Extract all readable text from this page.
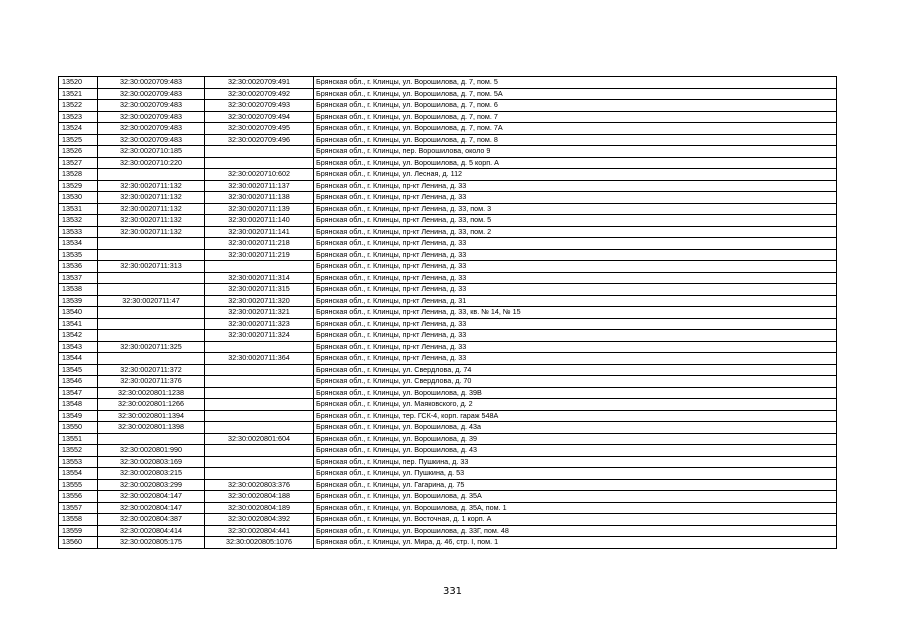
13520	32:30:0020709:483	32:30:0020709:491	Брянская обл., г. Клинцы, ул. Ворошилова, д. 7, пом. 5
13521	32:30:0020709:483	32:30:0020709:492	Брянская обл., г. Клинцы, ул. Ворошилова, д. 7, пом. 5А
13522	32:30:0020709:483	32:30:0020709:493	Брянская обл., г. Клинцы, ул. Ворошилова, д. 7, пом. 6
13523	32:30:0020709:483	32:30:0020709:494	Брянская обл., г. Клинцы, ул. Ворошилова, д. 7, пом. 7
13524	32:30:0020709:483	32:30:0020709:495	Брянская обл., г. Клинцы, ул. Ворошилова, д. 7, пом. 7А
13525	32:30:0020709:483	32:30:0020709:496	Брянская обл., г. Клинцы, ул. Ворошилова, д. 7, пом. 8
13526	32:30:0020710:185		Брянская обл., г. Клинцы, пер. Ворошилова, около 9
13527	32:30:0020710:220		Брянская обл., г. Клинцы, ул. Ворошилова, д. 5 корп. А
13528		32:30:0020710:602	Брянская обл., г. Клинцы, ул. Лесная, д. 112
13529	32:30:0020711:132	32:30:0020711:137	Брянская обл., г. Клинцы, пр-кт Ленина, д. 33
13530	32:30:0020711:132	32:30:0020711:138	Брянская обл., г. Клинцы, пр-кт Ленина, д. 33
13531	32:30:0020711:132	32:30:0020711:139	Брянская обл., г. Клинцы, пр-кт Ленина, д. 33, пом. 3
13532	32:30:0020711:132	32:30:0020711:140	Брянская обл., г. Клинцы, пр-кт Ленина, д. 33, пом. 5
13533	32:30:0020711:132	32:30:0020711:141	Брянская обл., г. Клинцы, пр-кт Ленина, д. 33, пом. 2
13534		32:30:0020711:218	Брянская обл., г. Клинцы, пр-кт Ленина, д. 33
13535		32:30:0020711:219	Брянская обл., г. Клинцы, пр-кт Ленина, д. 33
13536	32:30:0020711:313		Брянская обл., г. Клинцы, пр-кт Ленина, д. 33
13537		32:30:0020711:314	Брянская обл., г. Клинцы, пр-кт Ленина, д. 33
13538		32:30:0020711:315	Брянская обл., г. Клинцы, пр-кт Ленина, д. 33
13539	32:30:0020711:47	32:30:0020711:320	Брянская обл., г. Клинцы, пр-кт Ленина, д. 31
13540		32:30:0020711:321	Брянская обл., г. Клинцы, пр-кт Ленина, д. 33, кв. № 14, № 15
13541		32:30:0020711:323	Брянская обл., г. Клинцы, пр-кт Ленина, д. 33
13542		32:30:0020711:324	Брянская обл., г. Клинцы, пр-кт Ленина, д. 33
13543	32:30:0020711:325		Брянская обл., г. Клинцы, пр-кт Ленина, д. 33
13544		32:30:0020711:364	Брянская обл., г. Клинцы, пр-кт Ленина, д. 33
13545	32:30:0020711:372		Брянская обл., г. Клинцы, ул. Свердлова, д. 74
13546	32:30:0020711:376		Брянская обл., г. Клинцы, ул. Свердлова, д. 70
13547	32:30:0020801:1238		Брянская обл., г. Клинцы, ул. Ворошилова, д. 39В
13548	32:30:0020801:1266		Брянская обл., г. Клинцы, ул. Маяковского, д. 2
13549	32:30:0020801:1394		Брянская обл., г. Клинцы, тер. ГСК-4, корп. гараж 548А
13550	32:30:0020801:1398		Брянская обл., г. Клинцы, ул. Ворошилова, д. 43а
13551		32:30:0020801:604	Брянская обл., г. Клинцы, ул. Ворошилова, д. 39
13552	32:30:0020801:990		Брянская обл., г. Клинцы, ул. Ворошилова, д. 43
13553	32:30:0020803:169		Брянская обл., г. Клинцы, пер. Пушкина, д. 33
13554	32:30:0020803:215		Брянская обл., г. Клинцы, ул. Пушкина, д. 53
13555	32:30:0020803:299	32:30:0020803:376	Брянская обл., г. Клинцы, ул. Гагарина, д. 75
13556	32:30:0020804:147	32:30:0020804:188	Брянская обл., г. Клинцы, ул. Ворошилова, д. 35А
13557	32:30:0020804:147	32:30:0020804:189	Брянская обл., г. Клинцы, ул. Ворошилова, д. 35А, пом. 1
13558	32:30:0020804:387	32:30:0020804:392	Брянская обл., г. Клинцы, ул. Восточная, д. 1 корп. А
13559	32:30:0020804:414	32:30:0020804:441	Брянская обл., г. Клинцы, ул. Ворошилова, д. 33Г, пом. 48
13560	32:30:0020805:175	32:30:0020805:1076	Брянская обл., г. Клинцы, ул. Мира, д. 46, стр. I, пом. 1
331
